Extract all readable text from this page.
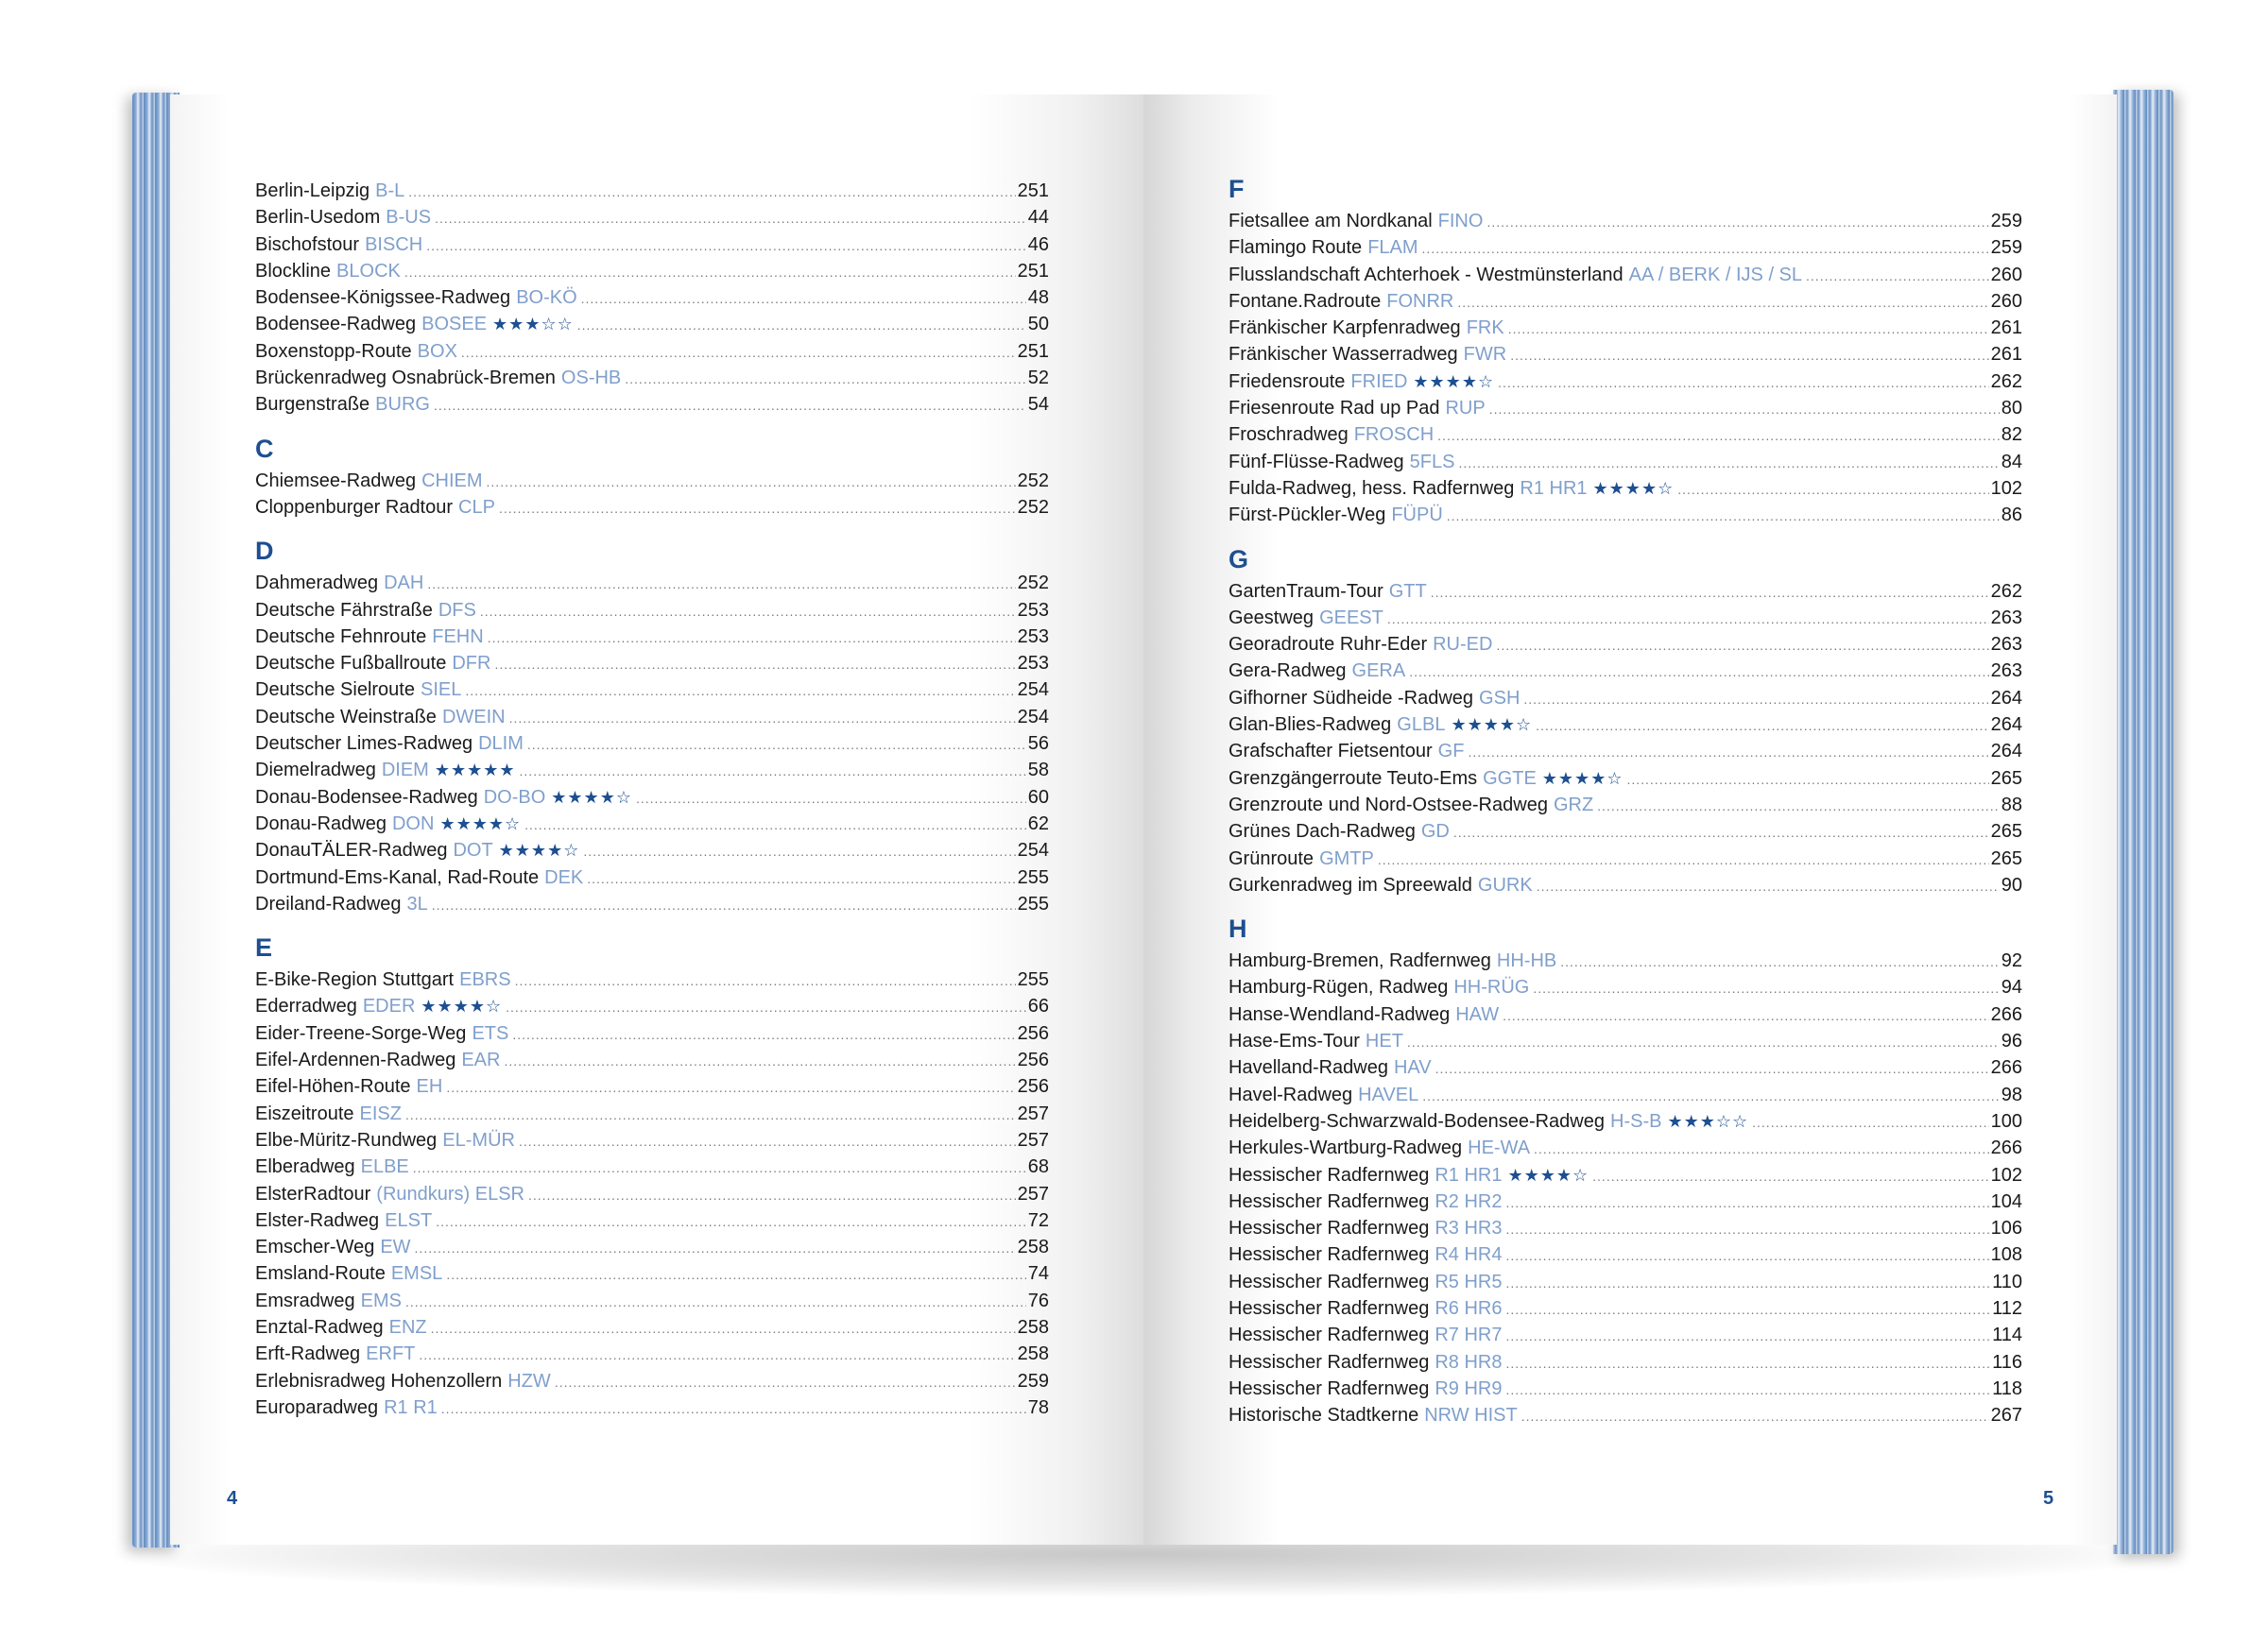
Berlin-Leipzig B-L .....	251
Berlin-Usedom B-US .....	44
Bischofstour BISCH .....	46
Blockline BLOCK .....	251
Bodensee-Königssee-Radweg BO-KÖ .....	48
Bodensee-Radweg BOSEE ★★★☆☆ .....	50
Boxenstopp-Route BOX .....	251
Brückenradweg Osnabrück-Bremen OS-HB .....	52
Burgenstraße BURG .....	54
C
Chiemsee-Radweg CHIEM .....	252
Cloppenburger Radtour CLP .....	252
D
Dahmeradweg DAH .....	252
Deutsche Fährstraße DFS .....	253
Deutsche Fehnroute FEHN .....	253
Deutsche Fußballroute DFR .....	253
Deutsche Sielroute SIEL .....	254
Deutsche Weinstraße DWEIN .....	254
Deutscher Limes-Radweg DLIM .....	56
Diemelradweg DIEM ★★★★★ .....	58
Donau-Bodensee-Radweg DO-BO ★★★★☆ .....	60
Donau-Radweg DON ★★★★☆ .....	62
DonauTÄLER-Radweg DOT ★★★★☆ .....	254
Dortmund-Ems-Kanal, Rad-Route DEK .....	255
Dreiland-Radweg 3L .....	255
E
E-Bike-Region Stuttgart EBRS .....	255
Ederradweg EDER ★★★★☆ .....	66
Eider-Treene-Sorge-Weg ETS .....	256
Eifel-Ardennen-Radweg EAR .....	256
Eifel-Höhen-Route EH .....	256
Eiszeitroute EISZ .....	257
Elbe-Müritz-Rundweg EL-MÜR .....	257
Elberadweg ELBE .....	68
ElsterRadtour (Rundkurs) ELSR .....	257
Elster-Radweg ELST .....	72
Emscher-Weg EW .....	258
Emsland-Route EMSL .....	74
Emsradweg EMS .....	76
Enztal-Radweg ENZ .....	258
Erft-Radweg ERFT .....	258
Erlebnisradweg Hohenzollern HZW .....	259
Europaradweg R1 R1 .....	78
4
F
Fietsallee am Nordkanal FINO .....	259
Flamingo Route FLAM .....	259
Flusslandschaft Achterhoek - Westmünsterland AA / BERK / IJS / SL .....	260
Fontane.Radroute FONRR .....	260
Fränkischer Karpfenradweg FRK .....	261
Fränkischer Wasserradweg FWR .....	261
Friedensroute FRIED ★★★★☆ .....	262
Friesenroute Rad up Pad RUP .....	80
Froschradweg FROSCH .....	82
Fünf-Flüsse-Radweg 5FLS .....	84
Fulda-Radweg, hess. Radfernweg R1 HR1 ★★★★☆ .....	102
Fürst-Pückler-Weg FÜPÜ .....	86
G
GartenTraum-Tour GTT .....	262
Geestweg GEEST .....	263
Georadroute Ruhr-Eder RU-ED .....	263
Gera-Radweg GERA .....	263
Gifhorner Südheide -Radweg GSH .....	264
Glan-Blies-Radweg GLBL ★★★★☆ .....	264
Grafschafter Fietsentour GF .....	264
Grenzgängerroute Teuto-Ems GGTE ★★★★☆ .....	265
Grenzroute und Nord-Ostsee-Radweg GRZ .....	88
Grünes Dach-Radweg GD .....	265
Grünroute GMTP .....	265
Gurkenradweg im Spreewald GURK .....	90
H
Hamburg-Bremen, Radfernweg HH-HB .....	92
Hamburg-Rügen, Radweg HH-RÜG .....	94
Hanse-Wendland-Radweg HAW .....	266
Hase-Ems-Tour HET .....	96
Havelland-Radweg HAV .....	266
Havel-Radweg HAVEL .....	98
Heidelberg-Schwarzwald-Bodensee-Radweg H-S-B ★★★☆☆ .....	100
Herkules-Wartburg-Radweg HE-WA .....	266
Hessischer Radfernweg R1 HR1 ★★★★☆ .....	102
Hessischer Radfernweg R2 HR2 .....	104
Hessischer Radfernweg R3 HR3 .....	106
Hessischer Radfernweg R4 HR4 .....	108
Hessischer Radfernweg R5 HR5 .....	110
Hessischer Radfernweg R6 HR6 .....	112
Hessischer Radfernweg R7 HR7 .....	114
Hessischer Radfernweg R8 HR8 .....	116
Hessischer Radfernweg R9 HR9 .....	118
Historische Stadtkerne NRW HIST .....	267
5
